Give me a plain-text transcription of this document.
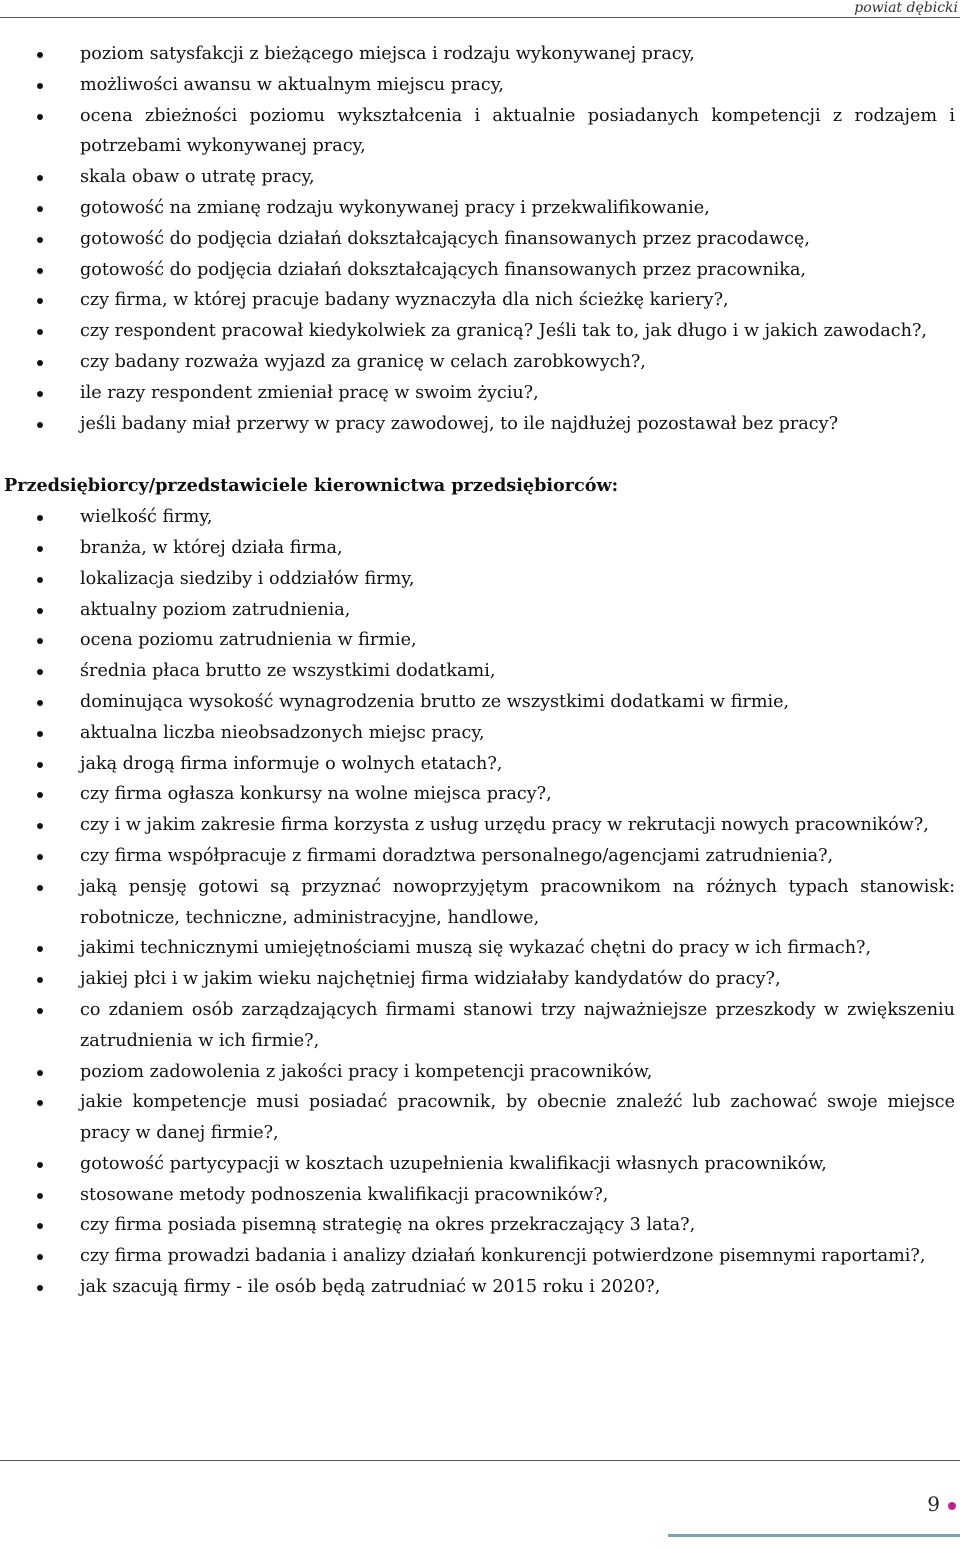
powiat dębicki
poziom satysfakcji z bieżącego miejsca i rodzaju wykonywanej pracy,
możliwości awansu w aktualnym miejscu pracy,
ocena zbieżności poziomu wykształcenia i aktualnie posiadanych kompetencji z rodzajem i potrzebami wykonywanej pracy,
skala obaw o utratę pracy,
gotowość na zmianę rodzaju wykonywanej pracy i przekwalifikowanie,
gotowość do podjęcia działań dokształcających finansowanych przez pracodawcę,
gotowość do podjęcia działań dokształcających finansowanych przez pracownika,
czy firma, w której pracuje badany wyznaczyła dla nich ścieżkę kariery?,
czy respondent pracował kiedykolwiek za granicą? Jeśli tak to, jak długo i w jakich zawodach?,
czy badany rozważa wyjazd za granicę w celach zarobkowych?,
ile razy respondent zmieniał pracę w swoim życiu?,
jeśli badany miał przerwy w pracy zawodowej, to ile najdłużej pozostawał bez pracy?
Przedsiębiorcy/przedstawiciele kierownictwa przedsiębiorców:
wielkość firmy,
branża, w której działa firma,
lokalizacja siedziby i oddziałów firmy,
aktualny poziom zatrudnienia,
ocena poziomu zatrudnienia w firmie,
średnia płaca brutto ze wszystkimi dodatkami,
dominująca wysokość wynagrodzenia brutto ze wszystkimi dodatkami w firmie,
aktualna liczba nieobsadzonych miejsc pracy,
jaką drogą firma informuje o wolnych etatach?,
czy firma ogłasza konkursy na wolne miejsca pracy?,
czy i w jakim zakresie firma korzysta z usług urzędu pracy w rekrutacji nowych pracowników?,
czy firma współpracuje z firmami doradztwa personalnego/agencjami zatrudnienia?,
jaką pensję gotowi są przyznać nowoprzyjętym pracownikom na różnych typach stanowisk: robotnicze, techniczne, administracyjne, handlowe,
jakimi technicznymi umiejętnościami muszą się wykazać chętni do pracy w ich firmach?,
jakiej płci i w jakim wieku najchętniej firma widziałaby kandydatów do pracy?,
co zdaniem osób zarządzających firmami stanowi trzy najważniejsze przeszkody w zwiększeniu zatrudnienia w ich firmie?,
poziom zadowolenia z jakości pracy i kompetencji pracowników,
jakie kompetencje musi posiadać pracownik, by obecnie znaleźć lub zachować swoje miejsce pracy w danej firmie?,
gotowość partycypacji w kosztach uzupełnienia kwalifikacji własnych pracowników,
stosowane metody podnoszenia kwalifikacji pracowników?,
czy firma posiada pisemną strategię na okres przekraczający 3 lata?,
czy firma prowadzi badania i analizy działań konkurencji potwierdzone pisemnymi raportami?,
jak szacują firmy - ile osób będą zatrudniać w 2015 roku i 2020?,
9
